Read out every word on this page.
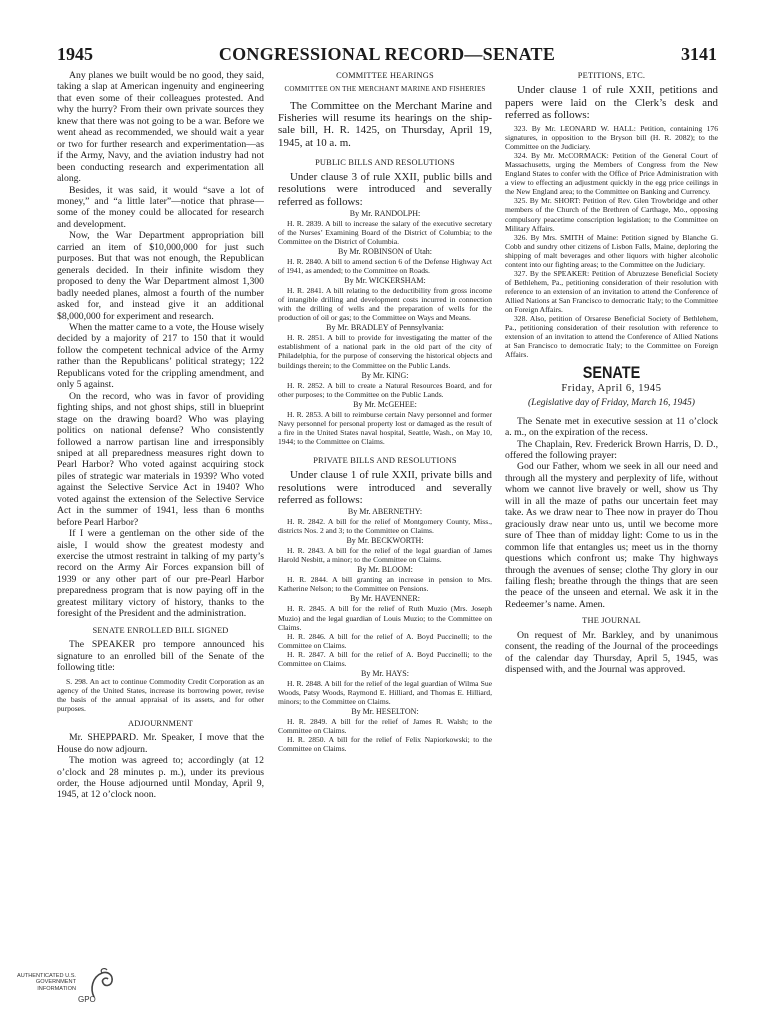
1945	CONGRESSIONAL RECORD—SENATE	3141

Any planes we built would be no good, they said, taking a slap at American ingenuity and engineering that even some of their colleagues protested. And why the hurry? From their own private sources they knew that there was not going to be a war. Before we went ahead as recommended, we should wait a year or two for further research and experimentation—as if the Army, Navy, and the aviation industry had not been conducting research and experimentation all along.

Besides, it was said, it would “save a lot of money,” and “a little later”—notice that phrase—some of the money could be allocated for research and development.

Now, the War Department appropriation bill carried an item of $10,000,000 for just such purposes. But that was not enough, the Republican generals decided. In their infinite wisdom they proposed to deny the War Department almost 1,300 badly needed planes, almost a fourth of the number asked for, and instead give it an additional $8,000,000 for experiment and research.

When the matter came to a vote, the House wisely decided by a majority of 217 to 150 that it would follow the competent technical advice of the Army rather than the Republicans’ political strategy; 122 Republicans voted for the crippling amendment, and only 5 against.

On the record, who was in favor of providing fighting ships, and not ghost ships, still in blueprint stage on the drawing board? Who was playing politics on national defense? Who consistently followed a narrow partisan line and irresponsibly sniped at all preparedness measures right down to Pearl Harbor? Who voted against acquiring stock piles of strategic war materials in 1939? Who voted against the Selective Service Act in 1940? Who voted against the extension of the Selective Service Act in the summer of 1941, less than 6 months before Pearl Harbor?

If I were a gentleman on the other side of the aisle, I would show the greatest modesty and exercise the utmost restraint in talking of my party’s record on the Army Air Forces expansion bill of 1939 or any other part of our pre-Pearl Harbor preparedness program that is now paying off in the greatest military victory of history, thanks to the foresight of the President and the administration.

SENATE ENROLLED BILL SIGNED

The SPEAKER pro tempore announced his signature to an enrolled bill of the Senate of the following title:

S. 298. An act to continue Commodity Credit Corporation as an agency of the United States, increase its borrowing power, revise the basis of the annual appraisal of its assets, and for other purposes.

ADJOURNMENT

Mr. SHEPPARD. Mr. Speaker, I move that the House do now adjourn.

The motion was agreed to; accordingly (at 12 o’clock and 28 minutes p. m.), under its previous order, the House adjourned until Monday, April 9, 1945, at 12 o’clock noon.

COMMITTEE HEARINGS
COMMITTEE ON THE MERCHANT MARINE AND FISHERIES

The Committee on the Merchant Marine and Fisheries will resume its hearings on the ship-sale bill, H. R. 1425, on Thursday, April 19, 1945, at 10 a. m.

PUBLIC BILLS AND RESOLUTIONS

Under clause 3 of rule XXII, public bills and resolutions were introduced and severally referred as follows:

By Mr. RANDOLPH:

H. R. 2839. A bill to increase the salary of the executive secretary of the Nurses’ Examining Board of the District of Columbia; to the Committee on the District of Columbia.

By Mr. ROBINSON of Utah:

H. R. 2840. A bill to amend section 6 of the Defense Highway Act of 1941, as amended; to the Committee on Roads.

By Mr. WICKERSHAM:

H. R. 2841. A bill relating to the deductibility from gross income of intangible drilling and development costs incurred in connection with the drilling of wells and the preparation of wells for the production of oil or gas; to the Committee on Ways and Means.

By Mr. BRADLEY of Pennsylvania:

H. R. 2851. A bill to provide for investigating the matter of the establishment of a national park in the old part of the city of Philadelphia, for the purpose of conserving the historical objects and buildings therein; to the Committee on the Public Lands.

By Mr. KING:

H. R. 2852. A bill to create a Natural Resources Board, and for other purposes; to the Committee on the Public Lands.

By Mr. McGEHEE:

H. R. 2853. A bill to reimburse certain Navy personnel and former Navy personnel for personal property lost or damaged as the result of a fire in the United States naval hospital, Seattle, Wash., on May 10, 1944; to the Committee on Claims.

PRIVATE BILLS AND RESOLUTIONS

Under clause 1 of rule XXII, private bills and resolutions were introduced and severally referred as follows:

By Mr. ABERNETHY:

H. R. 2842. A bill for the relief of Montgomery County, Miss., districts Nos. 2 and 3; to the Committee on Claims.

By Mr. BECKWORTH:

H. R. 2843. A bill for the relief of the legal guardian of James Harold Nesbitt, a minor; to the Committee on Claims.

By Mr. BLOOM:

H. R. 2844. A bill granting an increase in pension to Mrs. Katherine Nelson; to the Committee on Pensions.

By Mr. HAVENNER:

H. R. 2845. A bill for the relief of Ruth Muzio (Mrs. Joseph Muzio) and the legal guardian of Louis Muzio; to the Committee on Claims.

H. R. 2846. A bill for the relief of A. Boyd Puccinelli; to the Committee on Claims.

H. R. 2847. A bill for the relief of A. Boyd Puccinelli; to the Committee on Claims.

By Mr. HAYS:

H. R. 2848. A bill for the relief of the legal guardian of Wilma Sue Woods, Patsy Woods, Raymond E. Hilliard, and Thomas E. Hilliard, minors; to the Committee on Claims.

By Mr. HESELTON:

H. R. 2849. A bill for the relief of James R. Walsh; to the Committee on Claims.

H. R. 2850. A bill for the relief of Felix Napiorkowski; to the Committee on Claims.

PETITIONS, ETC.

Under clause 1 of rule XXII, petitions and papers were laid on the Clerk’s desk and referred as follows:

323. By Mr. LEONARD W. HALL: Petition, containing 176 signatures, in opposition to the Bryson bill (H. R. 2082); to the Committee on the Judiciary.

324. By Mr. McCORMACK: Petition of the General Court of Massachusetts, urging the Members of Congress from the New England States to confer with the Office of Price Administration with a view to effecting an adjustment quickly in the egg price ceilings in the New England area; to the Committee on Banking and Currency.

325. By Mr. SHORT: Petition of Rev. Glen Trowbridge and other members of the Church of the Brethren of Carthage, Mo., opposing compulsory peacetime conscription legislation; to the Committee on Military Affairs.

326. By Mrs. SMITH of Maine: Petition signed by Blanche G. Cobb and sundry other citizens of Lisbon Falls, Maine, deploring the shipping of malt beverages and other liquors with higher alcoholic content into our fighting areas; to the Committee on the Judiciary.

327. By the SPEAKER: Petition of Abruzzese Beneficial Society of Bethlehem, Pa., petitioning consideration of their resolution with reference to an extension of an invitation to attend the Conference of Allied Nations at San Francisco to democratic Italy; to the Committee on Foreign Affairs.

328. Also, petition of Orsarese Beneficial Society of Bethlehem, Pa., petitioning consideration of their resolution with reference to extension of an invitation to attend the Conference of Allied Nations at San Francisco to democratic Italy; to the Committee on Foreign Affairs.

SENATE
Friday, April 6, 1945
(Legislative day of Friday, March 16, 1945)

The Senate met in executive session at 11 o’clock a. m., on the expiration of the recess.

The Chaplain, Rev. Frederick Brown Harris, D. D., offered the following prayer:

God our Father, whom we seek in all our need and through all the mystery and perplexity of life, without whom we cannot live bravely or well, show us Thy will in all the maze of paths our uncertain feet may take. As we draw near to Thee now in prayer do Thou graciously draw near unto us, until we become more sure of Thee than of midday light: Come to us in the common life that entangles us; meet us in the thorny questions which confront us; make Thy highways through the avenues of sense; clothe Thy glory in our failing flesh; breathe through the things that are seen the peace of the unseen and eternal. We ask it in the Redeemer’s name. Amen.

THE JOURNAL

On request of Mr. Barkley, and by unanimous consent, the reading of the Journal of the proceedings of the calendar day Thursday, April 5, 1945, was dispensed with, and the Journal was approved.

AUTHENTICATED U.S. GOVERNMENT INFORMATION
GPO
